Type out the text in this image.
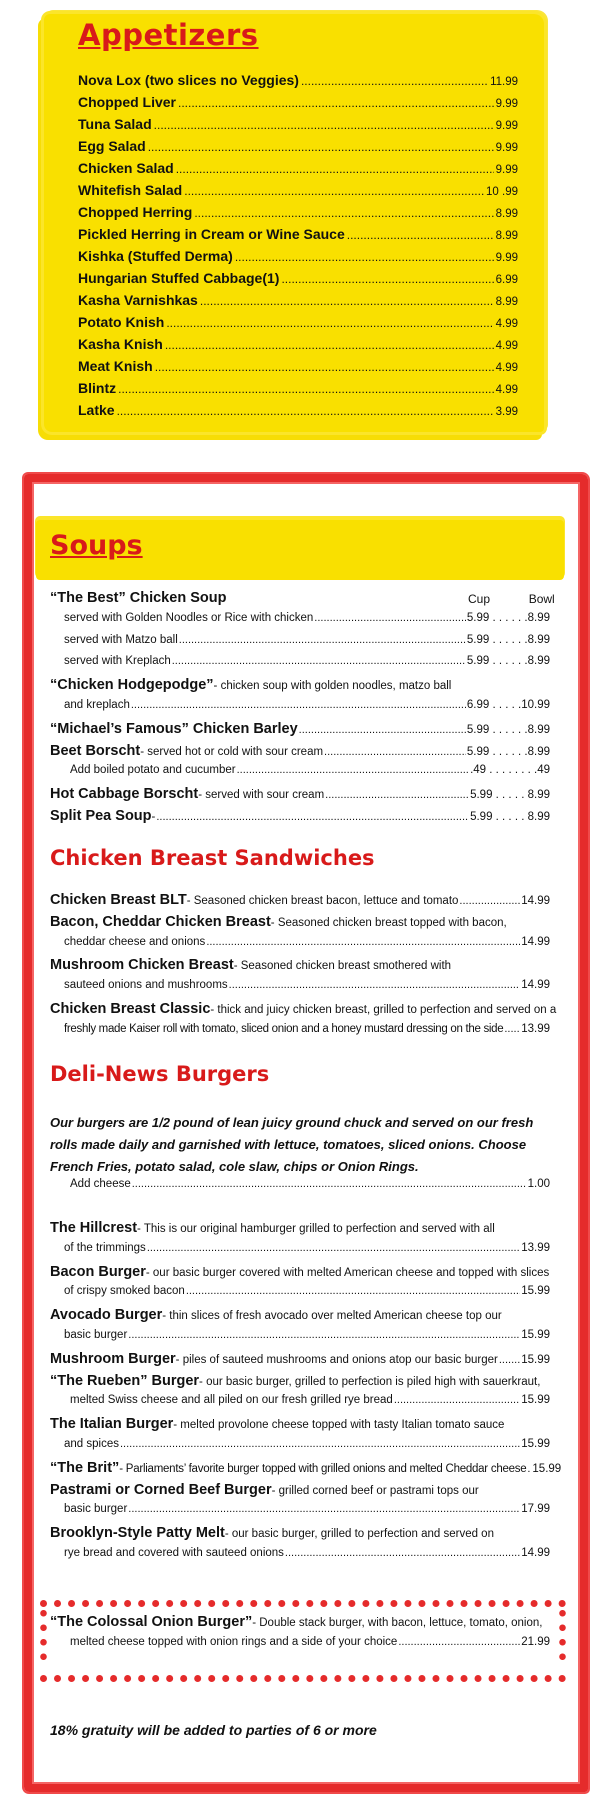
Appetizers
Nova Lox (two slices no Veggies) .....	11.99
Chopped Liver .....	9.99
Tuna Salad .....	9.99
Egg Salad .....	9.99
Chicken Salad .....	9.99
Whitefish Salad .....	10 .99
Chopped Herring .....	8.99
Pickled Herring in Cream or Wine Sauce .....	8.99
Kishka (Stuffed Derma) .....	9.99
Hungarian Stuffed Cabbage(1) .....	6.99
Kasha Varnishkas .....	8.99
Potato Knish .....	4.99
Kasha Knish .....	4.99
Meat Knish .....	4.99
Blintz .....	4.99
Latke .....	3.99
Soups
Cup	Bowl
“The Best” Chicken Soup
served with Golden Noodles or Rice with chicken .....	5.99 . . . . . .8.99
served with Matzo ball .....	5.99 . . . . . .8.99
served with Kreplach .....	5.99 . . . . . .8.99
“Chicken Hodgepodge” - chicken soup with golden noodles, matzo ball
and kreplach .....	6.99 . . . . .10.99
“Michael’s Famous” Chicken Barley .....	5.99 . . . . . .8.99
Beet Borscht - served hot or cold with sour cream .....	5.99 . . . . . .8.99
Add boiled potato and cucumber .....	.49 . . . . . . . .49
Hot Cabbage Borscht - served with sour cream .....	5.99 . . . . . 8.99
Split Pea Soup - .....	5.99 . . . . . 8.99
Chicken Breast Sandwiches
Chicken Breast BLT - Seasoned chicken breast bacon, lettuce and tomato .....	14.99
Bacon, Cheddar Chicken Breast - Seasoned chicken breast topped with bacon,
cheddar cheese and onions .....	14.99
Mushroom Chicken Breast - Seasoned chicken breast smothered with
sauteed onions and mushrooms .....	14.99
Chicken Breast Classic - thick and juicy chicken breast, grilled to perfection and served on a
freshly made Kaiser roll with tomato, sliced onion and a honey mustard dressing on the side ..... 13.99
Deli-News Burgers
Our burgers are 1/2 pound of lean juicy ground chuck and served on our fresh rolls made daily and garnished with lettuce, tomatoes, sliced onions. Choose French Fries, potato salad, cole slaw, chips or Onion Rings.
Add cheese .....	1.00
The Hillcrest - This is our original hamburger grilled to perfection and served with all
of the trimmings .....	13.99
Bacon Burger - our basic burger covered with melted American cheese and topped with slices
of crispy smoked bacon .....	15.99
Avocado Burger - thin slices of fresh avocado over melted American cheese top our
basic burger .....	15.99
Mushroom Burger - piles of sauteed mushrooms and onions atop our basic burger ..... 15.99
“The Rueben” Burger - our basic burger, grilled to perfection is piled high with sauerkraut,
melted Swiss cheese and all piled on our fresh grilled rye bread .....	15.99
The Italian Burger - melted provolone cheese topped with tasty Italian tomato sauce
and spices .....	15.99
“The Brit” - Parliaments’ favorite burger topped with grilled onions and melted Cheddar cheese ..... 15.99
Pastrami or Corned Beef Burger - grilled corned beef or pastrami tops our
basic burger .....	17.99
Brooklyn-Style Patty Melt - our basic burger, grilled to perfection and served on
rye bread and covered with sauteed onions .....	14.99
“The Colossal Onion Burger” - Double stack burger, with bacon, lettuce, tomato, onion,
melted cheese topped with onion rings and a side of your choice .....	21.99
18% gratuity will be added to parties of 6 or more
